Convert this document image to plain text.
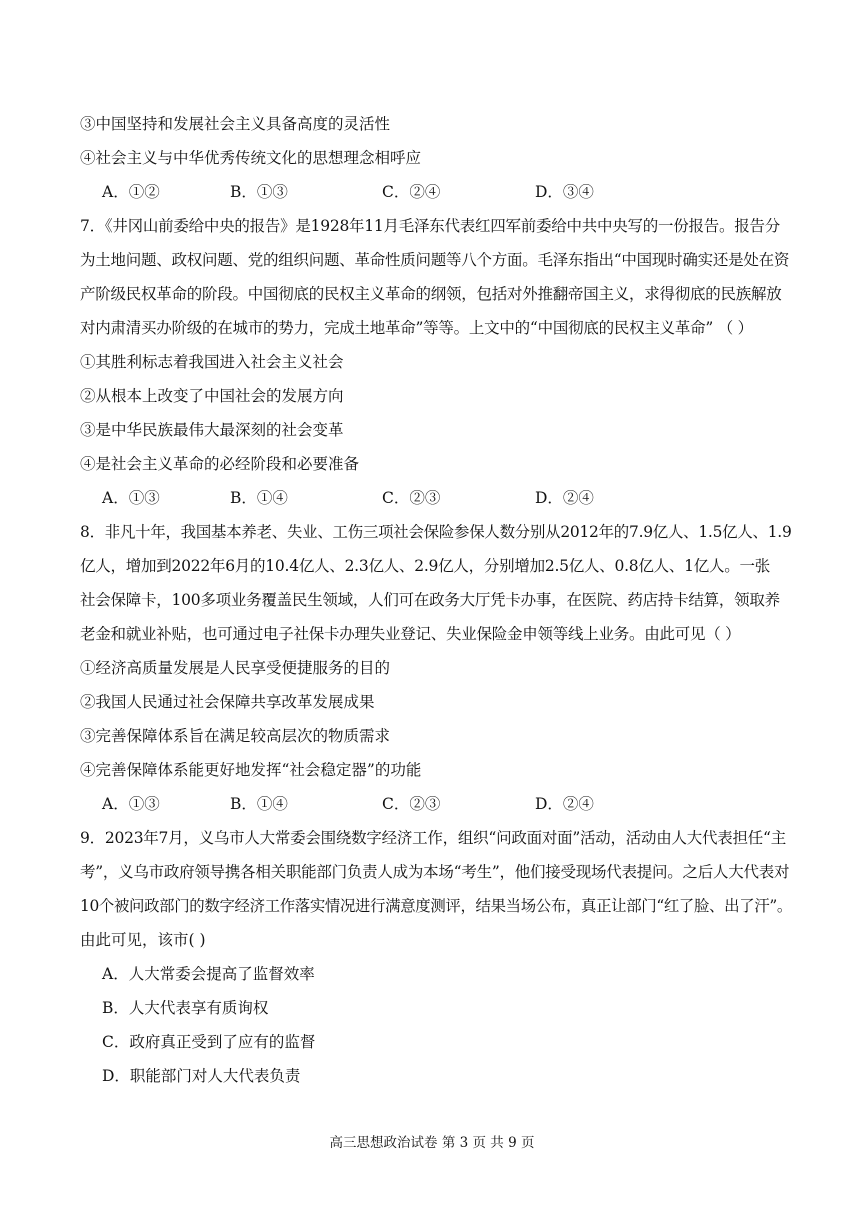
③中国坚持和发展社会主义具备高度的灵活性
④社会主义与中华优秀传统文化的思想理念相呼应
A．①②	B．①③	C．②④	D．③④
7．《井冈山前委给中央的报告》是1928年11月毛泽东代表红四军前委给中共中央写的一份报告。报告分
为土地问题、政权问题、党的组织问题、革命性质问题等八个方面。毛泽东指出“中国现时确实还是处在资
产阶级民权革命的阶段。中国彻底的民权主义革命的纲领，包括对外推翻帝国主义，求得彻底的民族解放
对内肃清买办阶级的在城市的势力，完成土地革命”等等。上文中的“中国彻底的民权主义革命” （ ）
①其胜利标志着我国进入社会主义社会
②从根本上改变了中国社会的发展方向
③是中华民族最伟大最深刻的社会变革
④是社会主义革命的必经阶段和必要准备
A．①③	B．①④	C．②③	D．②④
8．非凡十年，我国基本养老、失业、工伤三项社会保险参保人数分别从2012年的7.9亿人、1.5亿人、1.9
亿人，增加到2022年6月的10.4亿人、2.3亿人、2.9亿人，分别增加2.5亿人、0.8亿人、1亿人。一张
社会保障卡，100多项业务覆盖民生领域，人们可在政务大厅凭卡办事，在医院、药店持卡结算，领取养
老金和就业补贴，也可通过电子社保卡办理失业登记、失业保险金申领等线上业务。由此可见（ ）
①经济高质量发展是人民享受便捷服务的目的
②我国人民通过社会保障共享改革发展成果
③完善保障体系旨在满足较高层次的物质需求
④完善保障体系能更好地发挥“社会稳定器”的功能
A．①③	B．①④	C．②③	D．②④
9．2023年7月，义乌市人大常委会围绕数字经济工作，组织“问政面对面”活动，活动由人大代表担任“主
考”，义乌市政府领导携各相关职能部门负责人成为本场“考生”，他们接受现场代表提问。之后人大代表对
10个被问政部门的数字经济工作落实情况进行满意度测评，结果当场公布，真正让部门“红了脸、出了汗”。
由此可见，该市( )
A．人大常委会提高了监督效率
B．人大代表享有质询权
C．政府真正受到了应有的监督
D．职能部门对人大代表负责
高三思想政治试卷 第 3 页 共 9 页
